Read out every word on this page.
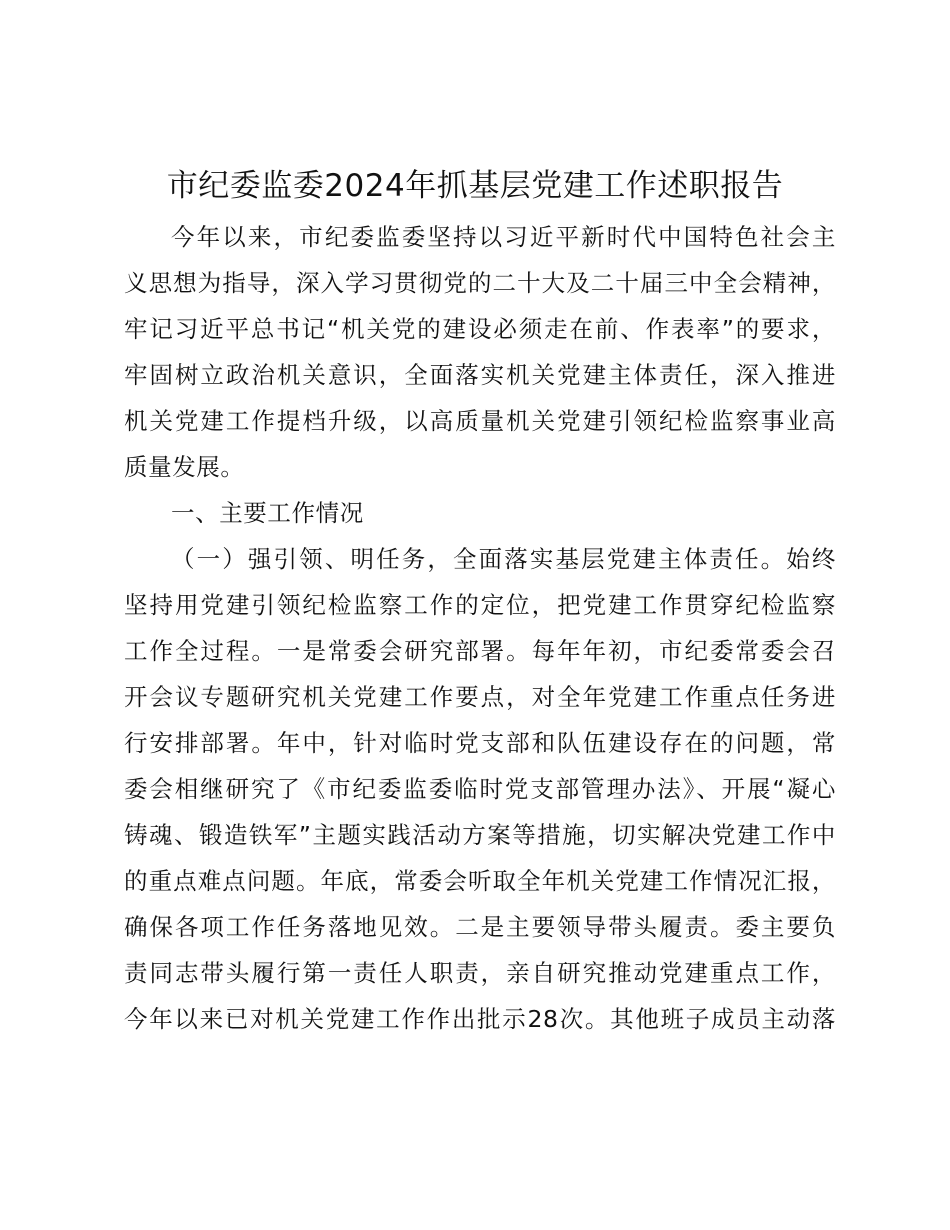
市纪委监委2024年抓基层党建工作述职报告
今年以来，市纪委监委坚持以习近平新时代中国特色社会主
义思想为指导，深入学习贯彻党的二十大及二十届三中全会精神，
牢记习近平总书记“机关党的建设必须走在前、作表率”的要求，
牢固树立政治机关意识，全面落实机关党建主体责任，深入推进
机关党建工作提档升级，以高质量机关党建引领纪检监察事业高
质量发展。
一、主要工作情况
（一）强引领、明任务，全面落实基层党建主体责任。始终
坚持用党建引领纪检监察工作的定位，把党建工作贯穿纪检监察
工作全过程。一是常委会研究部署。每年年初，市纪委常委会召
开会议专题研究机关党建工作要点，对全年党建工作重点任务进
行安排部署。年中，针对临时党支部和队伍建设存在的问题，常
委会相继研究了《市纪委监委临时党支部管理办法》、开展“凝心
铸魂、锻造铁军”主题实践活动方案等措施，切实解决党建工作中
的重点难点问题。年底，常委会听取全年机关党建工作情况汇报，
确保各项工作任务落地见效。二是主要领导带头履责。委主要负
责同志带头履行第一责任人职责，亲自研究推动党建重点工作，
今年以来已对机关党建工作作出批示28次。其他班子成员主动落
